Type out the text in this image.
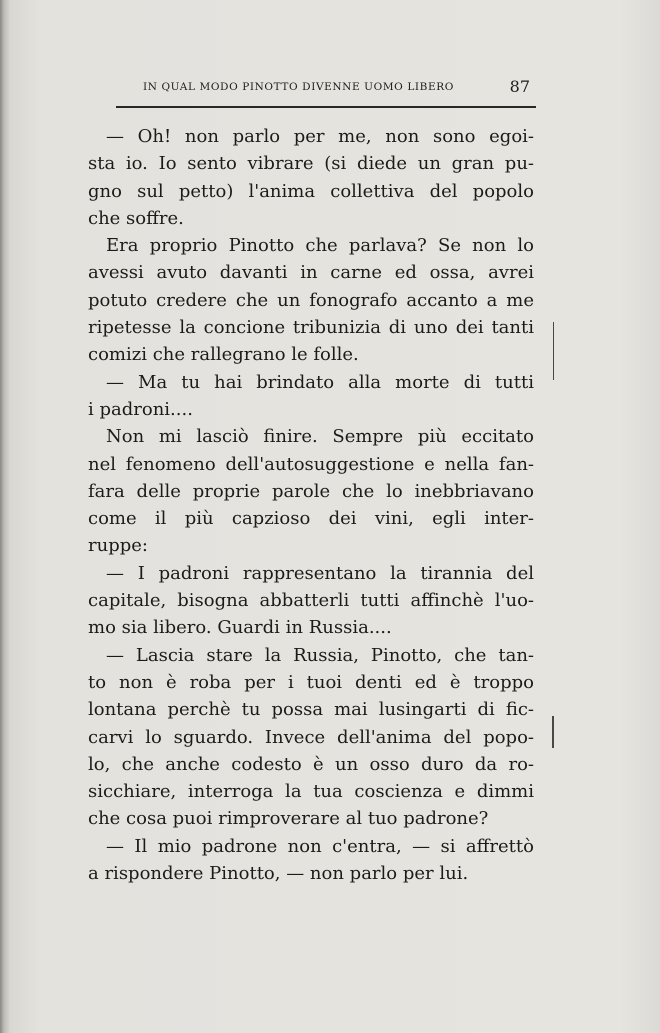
IN QUAL MODO PINOTTO DIVENNE UOMO LIBERO	87
— Oh! non parlo per me, non sono egoi-
sta io. Io sento vibrare (si diede un gran pu-
gno sul petto) l'anima collettiva del popolo
che soffre.
Era proprio Pinotto che parlava? Se non lo
avessi avuto davanti in carne ed ossa, avrei
potuto credere che un fonografo accanto a me
ripetesse la concione tribunizia di uno dei tanti
comizi che rallegrano le folle.
— Ma tu hai brindato alla morte di tutti
i padroni....
Non mi lasciò finire. Sempre più eccitato
nel fenomeno dell'autosuggestione e nella fan-
fara delle proprie parole che lo inebbriavano
come il più capzioso dei vini, egli inter-
ruppe:
— I padroni rappresentano la tirannia del
capitale, bisogna abbatterli tutti affinchè l'uo-
mo sia libero. Guardi in Russia....
— Lascia stare la Russia, Pinotto, che tan-
to non è roba per i tuoi denti ed è troppo
lontana perchè tu possa mai lusingarti di fic-
carvi lo sguardo. Invece dell'anima del popo-
lo, che anche codesto è un osso duro da ro-
sicchiare, interroga la tua coscienza e dimmi
che cosa puoi rimproverare al tuo padrone?
— Il mio padrone non c'entra, — si affrettò
a rispondere Pinotto, — non parlo per lui.
